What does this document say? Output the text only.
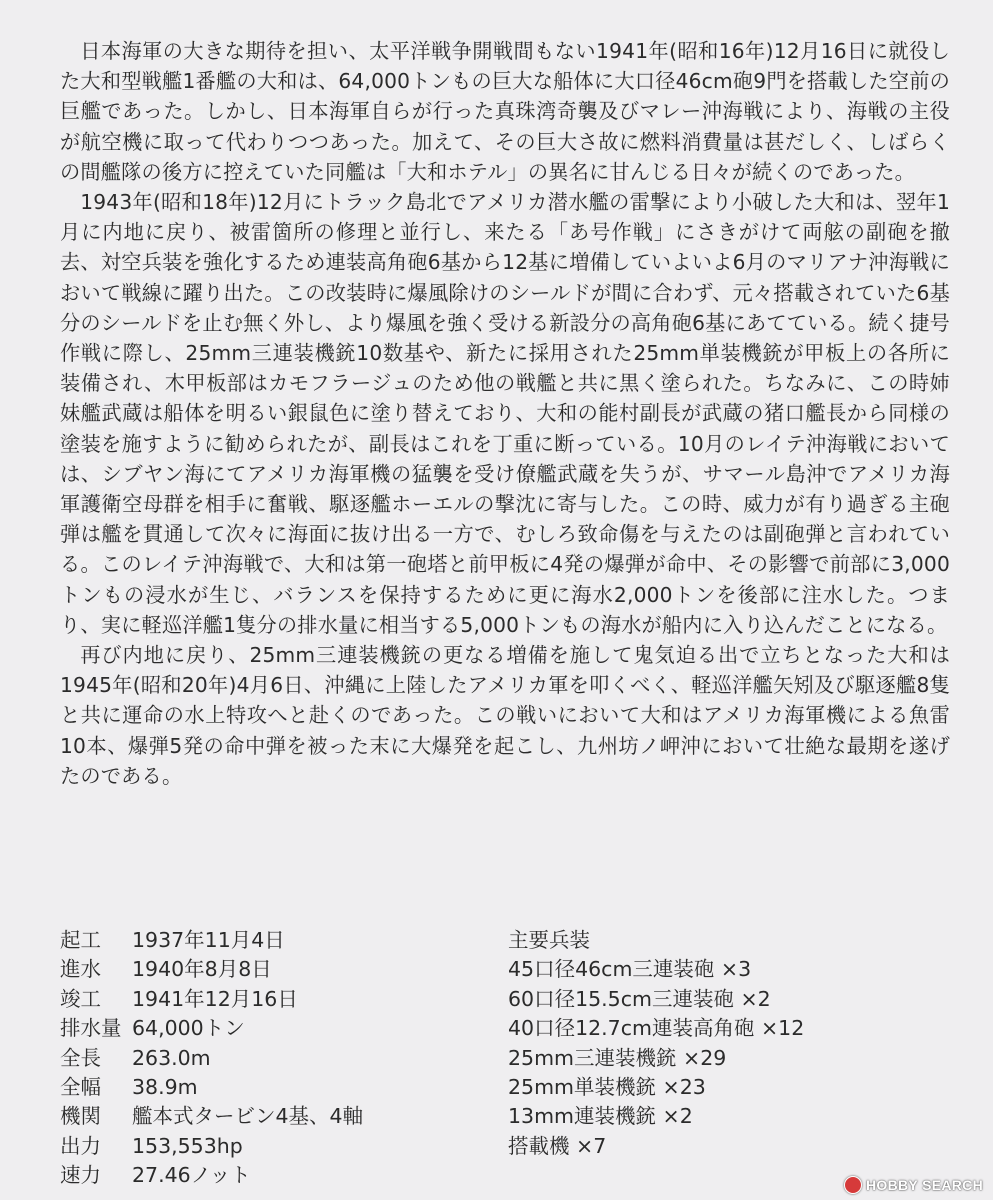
日本海軍の大きな期待を担い、太平洋戦争開戦間もない1941年(昭和16年)12月16日に就役した大和型戦艦1番艦の大和は、64,000トンもの巨大な船体に大口径46cm砲9門を搭載した空前の巨艦であった。しかし、日本海軍自らが行った真珠湾奇襲及びマレー沖海戦により、海戦の主役が航空機に取って代わりつつあった。加えて、その巨大さ故に燃料消費量は甚だしく、しばらくの間艦隊の後方に控えていた同艦は「大和ホテル」の異名に甘んじる日々が続くのであった。

1943年(昭和18年)12月にトラック島北でアメリカ潜水艦の雷撃により小破した大和は、翌年1月に内地に戻り、被雷箇所の修理と並行し、来たる「あ号作戦」にさきがけて両舷の副砲を撤去、対空兵装を強化するため連装高角砲6基から12基に増備していよいよ6月のマリアナ沖海戦において戦線に躍り出た。この改装時に爆風除けのシールドが間に合わず、元々搭載されていた6基分のシールドを止む無く外し、より爆風を強く受ける新設分の高角砲6基にあてている。続く捷号作戦に際し、25mm三連装機銃10数基や、新たに採用された25mm単装機銃が甲板上の各所に装備され、木甲板部はカモフラージュのため他の戦艦と共に黒く塗られた。ちなみに、この時姉妹艦武蔵は船体を明るい銀鼠色に塗り替えており、大和の能村副長が武蔵の猪口艦長から同様の塗装を施すように勧められたが、副長はこれを丁重に断っている。10月のレイテ沖海戦においては、シブヤン海にてアメリカ海軍機の猛襲を受け僚艦武蔵を失うが、サマール島沖でアメリカ海軍護衛空母群を相手に奮戦、駆逐艦ホーエルの撃沈に寄与した。この時、威力が有り過ぎる主砲弾は艦を貫通して次々に海面に抜け出る一方で、むしろ致命傷を与えたのは副砲弾と言われている。このレイテ沖海戦で、大和は第一砲塔と前甲板に4発の爆弾が命中、その影響で前部に3,000トンもの浸水が生じ、バランスを保持するために更に海水2,000トンを後部に注水した。つまり、実に軽巡洋艦1隻分の排水量に相当する5,000トンもの海水が船内に入り込んだことになる。

再び内地に戻り、25mm三連装機銃の更なる増備を施して鬼気迫る出で立ちとなった大和は1945年(昭和20年)4月6日、沖縄に上陸したアメリカ軍を叩くべく、軽巡洋艦矢矧及び駆逐艦8隻と共に運命の水上特攻へと赴くのであった。この戦いにおいて大和はアメリカ海軍機による魚雷10本、爆弾5発の命中弾を被った末に大爆発を起こし、九州坊ノ岬沖において壮絶な最期を遂げたのである。

起工	1937年11月4日
進水	1940年8月8日
竣工	1941年12月16日
排水量 64,000トン
全長	263.0m
全幅	38.9m
機関	艦本式タービン4基、4軸
出力	153,553hp
速力	27.46ノット
主要兵装
45口径46cm三連装砲 ×3
60口径15.5cm三連装砲 ×2
40口径12.7cm連装高角砲 ×12
25mm三連装機銃 ×29
25mm単装機銃 ×23
13mm連装機銃 ×2
搭載機 ×7
HOBBY SEARCH
